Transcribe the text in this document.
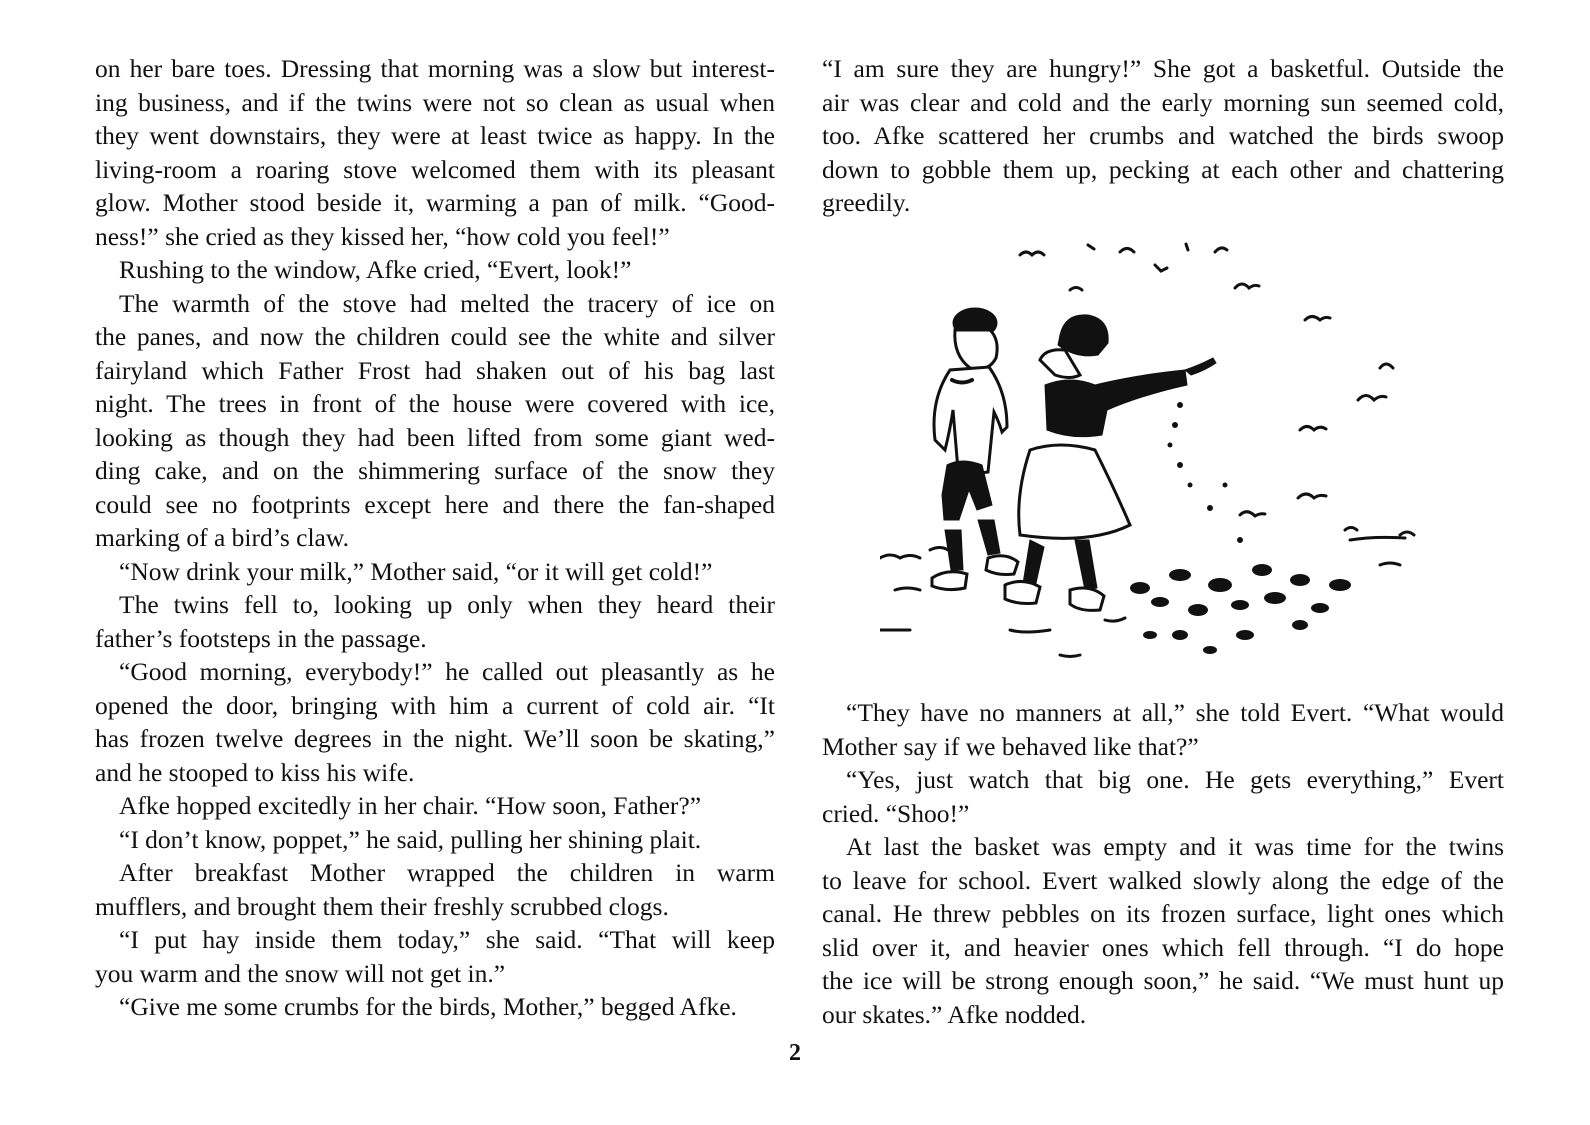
on her bare toes. Dressing that morning was a slow but interest-
ing business, and if the twins were not so clean as usual when
they went downstairs, they were at least twice as happy. In the
living-room a roaring stove welcomed them with its pleasant
glow. Mother stood beside it, warming a pan of milk. “Good-
ness!” she cried as they kissed her, “how cold you feel!”
Rushing to the window, Afke cried, “Evert, look!”
The warmth of the stove had melted the tracery of ice on
the panes, and now the children could see the white and silver
fairyland which Father Frost had shaken out of his bag last
night. The trees in front of the house were covered with ice,
looking as though they had been lifted from some giant wed-
ding cake, and on the shimmering surface of the snow they
could see no footprints except here and there the fan-shaped
marking of a bird’s claw.
“Now drink your milk,” Mother said, “or it will get cold!”
The twins fell to, looking up only when they heard their
father’s footsteps in the passage.
“Good morning, everybody!” he called out pleasantly as he
opened the door, bringing with him a current of cold air. “It
has frozen twelve degrees in the night. We’ll soon be skating,”
and he stooped to kiss his wife.
Afke hopped excitedly in her chair. “How soon, Father?”
“I don’t know, poppet,” he said, pulling her shining plait.
After breakfast Mother wrapped the children in warm
mufflers, and brought them their freshly scrubbed clogs.
“I put hay inside them today,” she said. “That will keep
you warm and the snow will not get in.”
“Give me some crumbs for the birds, Mother,” begged Afke.
“I am sure they are hungry!” She got a basketful. Outside the
air was clear and cold and the early morning sun seemed cold,
too. Afke scattered her crumbs and watched the birds swoop
down to gobble them up, pecking at each other and chattering
greedily.
“They have no manners at all,” she told Evert. “What would
Mother say if we behaved like that?”
“Yes, just watch that big one. He gets everything,” Evert
cried. “Shoo!”
At last the basket was empty and it was time for the twins
to leave for school. Evert walked slowly along the edge of the
canal. He threw pebbles on its frozen surface, light ones which
slid over it, and heavier ones which fell through. “I do hope
the ice will be strong enough soon,” he said. “We must hunt up
our skates.” Afke nodded.
2
